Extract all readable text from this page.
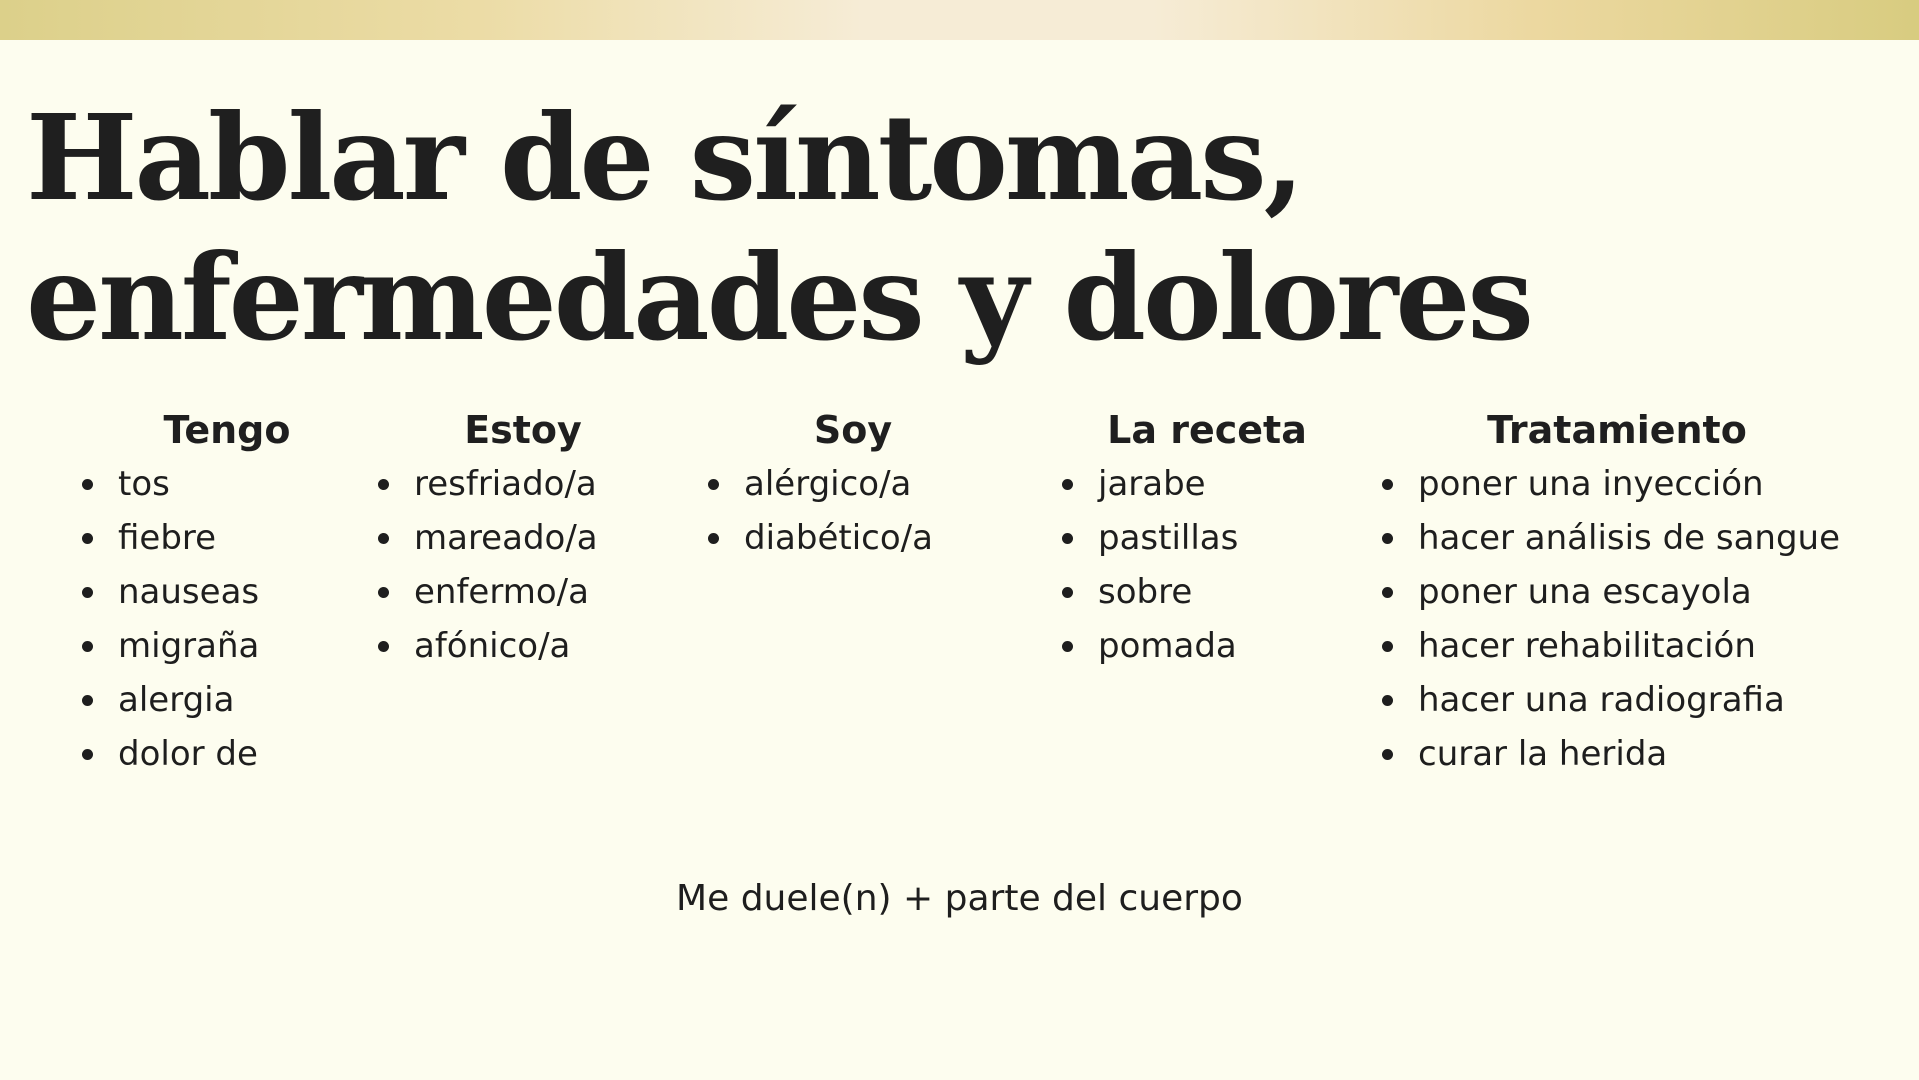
Hablar de síntomas, enfermedades y dolores
Tengo
tos
fiebre
nauseas
migraña
alergia
dolor de
Estoy
resfriado/a
mareado/a
enfermo/a
afónico/a
Soy
alérgico/a
diabético/a
La receta
jarabe
pastillas
sobre
pomada
Tratamiento
poner una inyección
hacer análisis de sangue
poner una escayola
hacer rehabilitación
hacer una radiografia
curar la herida
Me duele(n) + parte del cuerpo
